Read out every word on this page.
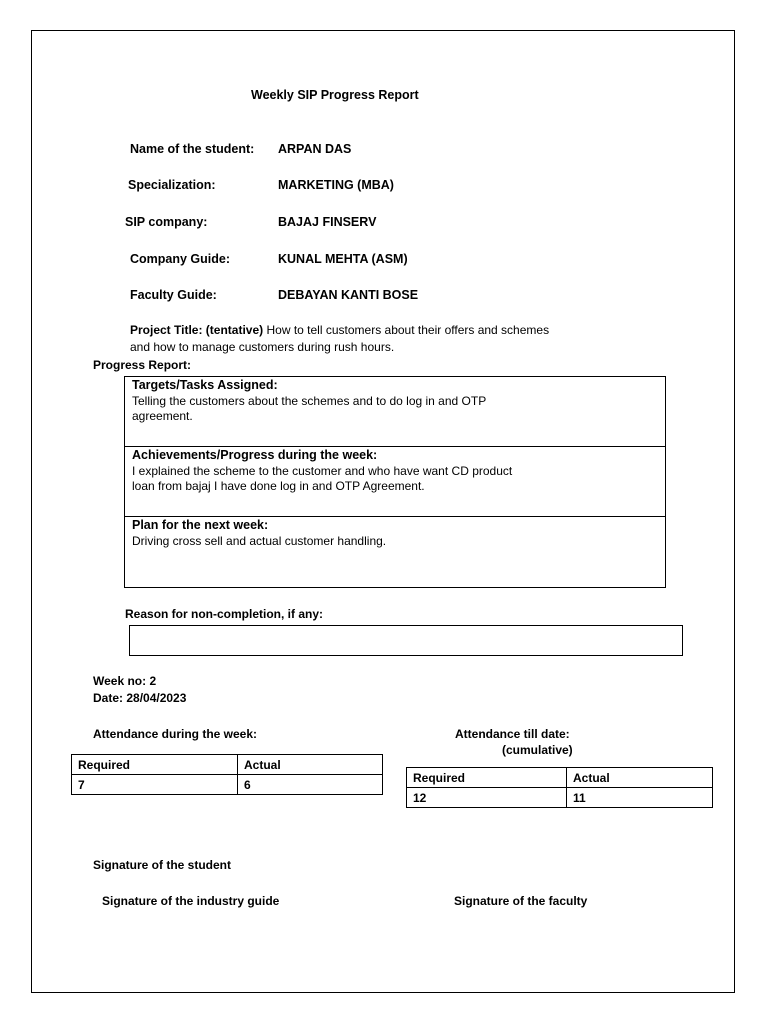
Weekly SIP Progress Report
Name of the student: ARPAN DAS
Specialization:	MARKETING (MBA)
SIP company:	BAJAJ FINSERV
Company Guide:	KUNAL MEHTA (ASM)
Faculty Guide:	DEBAYAN KANTI BOSE
Project Title: (tentative) How to tell customers about their offers and schemes
and how to manage customers during rush hours.
Progress Report:
Targets/Tasks Assigned:
Telling the customers about the schemes and to do log in and OTP
agreement.
Achievements/Progress during the week:
I explained the scheme to the customer and who have want CD product
loan from bajaj I have done log in and OTP Agreement.
Plan for the next week:
Driving cross sell and actual customer handling.
Reason for non-completion, if any:
Week no: 2
Date: 28/04/2023
Attendance during the week:
Required	Actual
7	6
Attendance till date:
(cumulative)
Required	Actual
12	11
Signature of the student
Signature of the industry guide	Signature of the faculty
